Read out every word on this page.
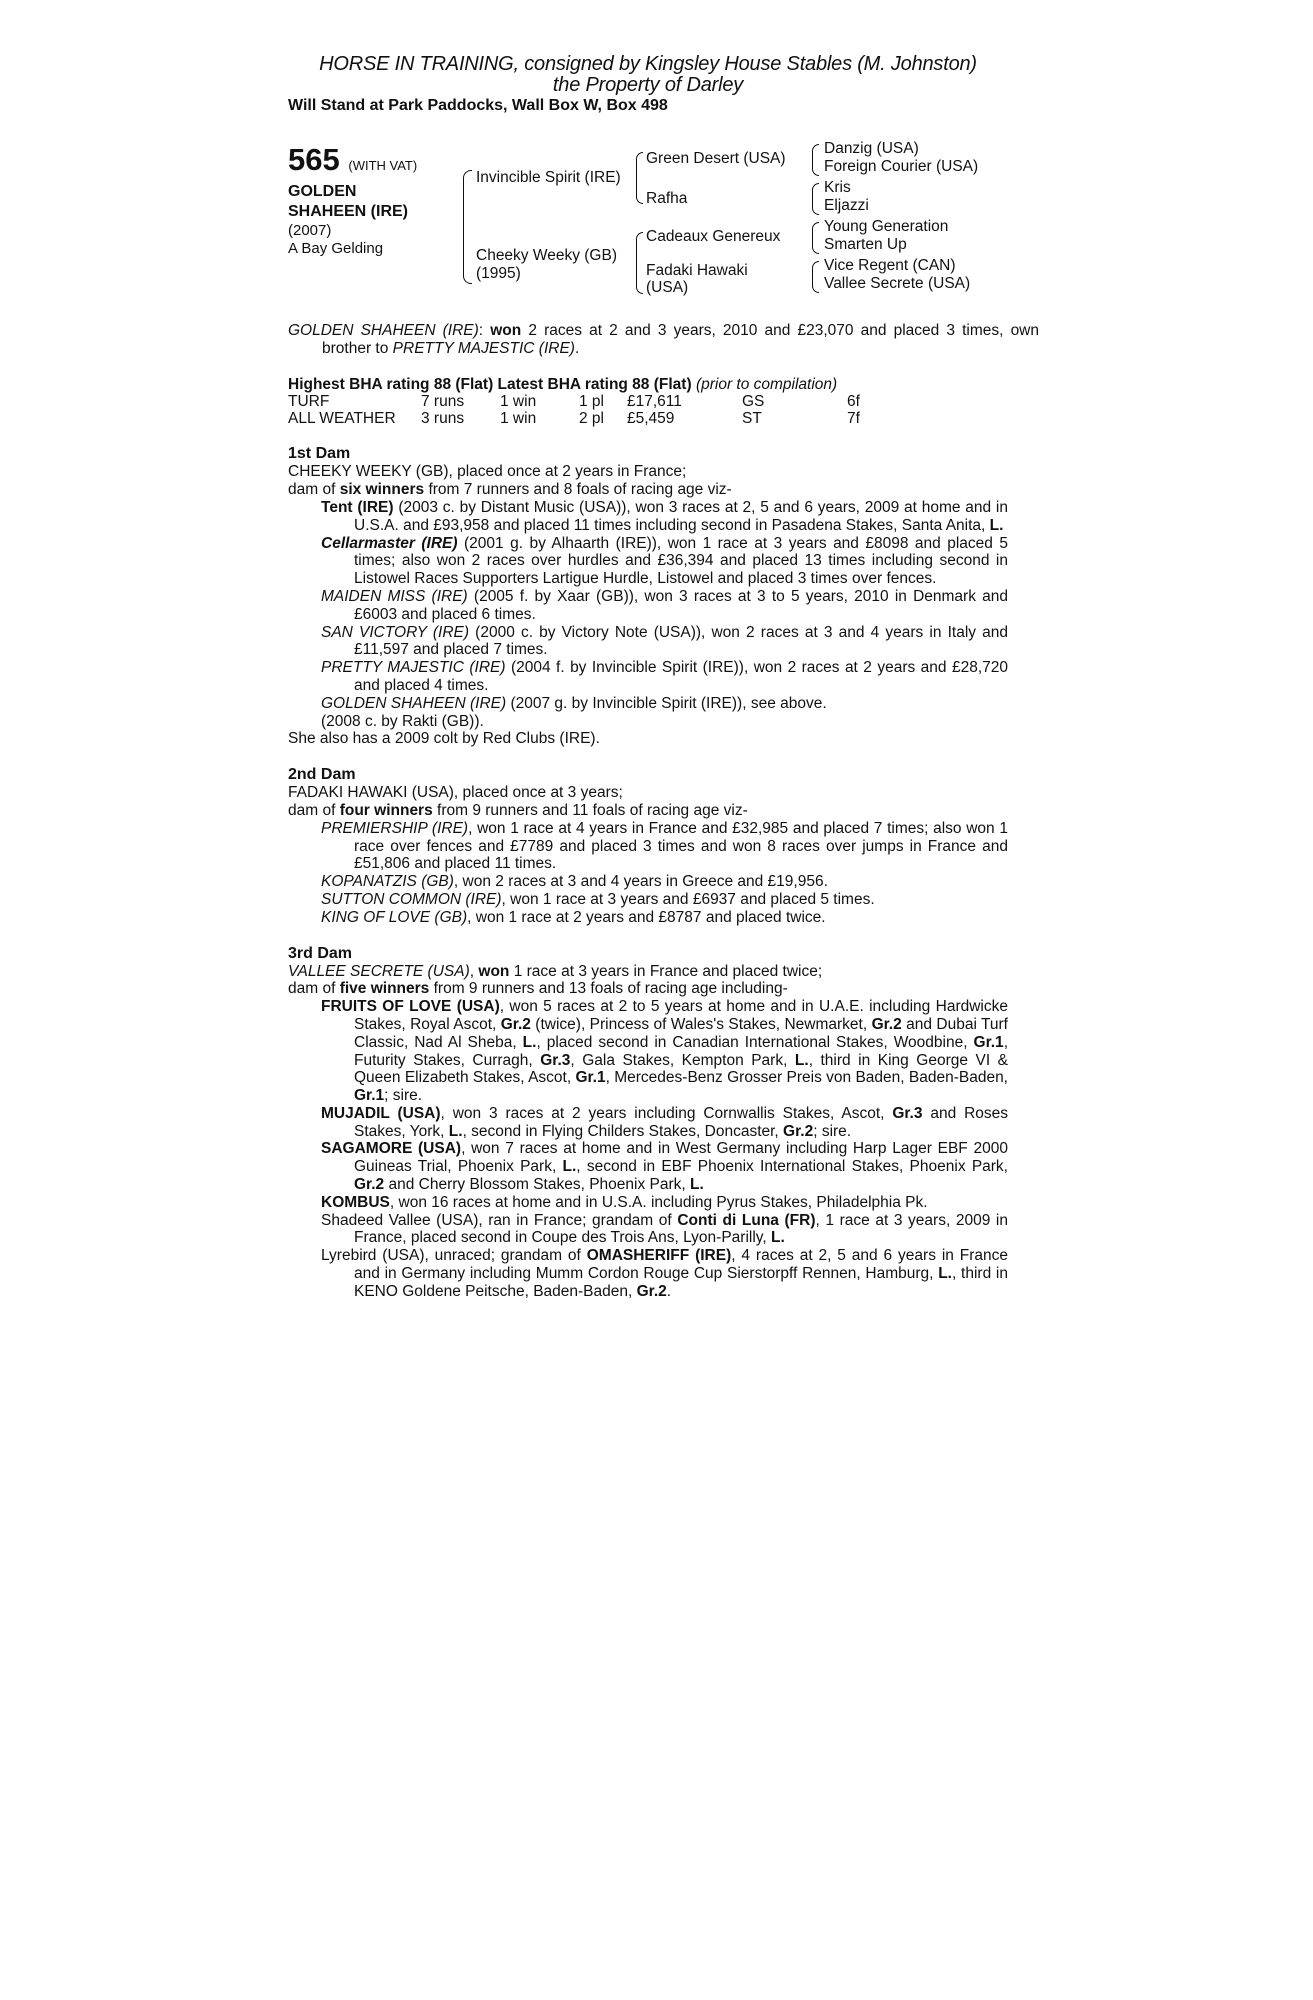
HORSE IN TRAINING, consigned by Kingsley House Stables (M. Johnston)
the Property of Darley
Will Stand at Park Paddocks, Wall Box W, Box 498
565 (WITH VAT)
GOLDEN
SHAHEEN (IRE)
(2007)
A Bay Gelding
Invincible Spirit (IRE)
Cheeky Weeky (GB)
(1995)
Green Desert (USA)
Rafha
Cadeaux Genereux
Fadaki Hawaki
(USA)
Danzig (USA)
Foreign Courier (USA)
Kris
Eljazzi
Young Generation
Smarten Up
Vice Regent (CAN)
Vallee Secrete (USA)

GOLDEN SHAHEEN (IRE): won 2 races at 2 and 3 years, 2010 and £23,070 and placed 3 times, own brother to PRETTY MAJESTIC (IRE).

Highest BHA rating 88 (Flat) Latest BHA rating 88 (Flat) (prior to compilation)
TURF	7 runs	1 win	1 pl	£17,611	GS	6f
ALL WEATHER	3 runs	1 win	2 pl	£5,459	ST	7f
1st Dam
CHEEKY WEEKY (GB), placed once at 2 years in France;
dam of six winners from 7 runners and 8 foals of racing age viz-
Tent (IRE) (2003 c. by Distant Music (USA)), won 3 races at 2, 5 and 6 years, 2009 at home and in U.S.A. and £93,958 and placed 11 times including second in Pasadena Stakes, Santa Anita, L.
Cellarmaster (IRE) (2001 g. by Alhaarth (IRE)), won 1 race at 3 years and £8098 and placed 5 times; also won 2 races over hurdles and £36,394 and placed 13 times including second in Listowel Races Supporters Lartigue Hurdle, Listowel and placed 3 times over fences.
MAIDEN MISS (IRE) (2005 f. by Xaar (GB)), won 3 races at 3 to 5 years, 2010 in Denmark and £6003 and placed 6 times.
SAN VICTORY (IRE) (2000 c. by Victory Note (USA)), won 2 races at 3 and 4 years in Italy and £11,597 and placed 7 times.
PRETTY MAJESTIC (IRE) (2004 f. by Invincible Spirit (IRE)), won 2 races at 2 years and £28,720 and placed 4 times.
GOLDEN SHAHEEN (IRE) (2007 g. by Invincible Spirit (IRE)), see above.
(2008 c. by Rakti (GB)).
She also has a 2009 colt by Red Clubs (IRE).
2nd Dam
FADAKI HAWAKI (USA), placed once at 3 years;
dam of four winners from 9 runners and 11 foals of racing age viz-
PREMIERSHIP (IRE), won 1 race at 4 years in France and £32,985 and placed 7 times; also won 1 race over fences and £7789 and placed 3 times and won 8 races over jumps in France and £51,806 and placed 11 times.
KOPANATZIS (GB), won 2 races at 3 and 4 years in Greece and £19,956.
SUTTON COMMON (IRE), won 1 race at 3 years and £6937 and placed 5 times.
KING OF LOVE (GB), won 1 race at 2 years and £8787 and placed twice.
3rd Dam
VALLEE SECRETE (USA), won 1 race at 3 years in France and placed twice;
dam of five winners from 9 runners and 13 foals of racing age including-
FRUITS OF LOVE (USA), won 5 races at 2 to 5 years at home and in U.A.E. including Hardwicke Stakes, Royal Ascot, Gr.2 (twice), Princess of Wales's Stakes, Newmarket, Gr.2 and Dubai Turf Classic, Nad Al Sheba, L., placed second in Canadian International Stakes, Woodbine, Gr.1, Futurity Stakes, Curragh, Gr.3, Gala Stakes, Kempton Park, L., third in King George VI & Queen Elizabeth Stakes, Ascot, Gr.1, Mercedes-Benz Grosser Preis von Baden, Baden-Baden, Gr.1; sire.
MUJADIL (USA), won 3 races at 2 years including Cornwallis Stakes, Ascot, Gr.3 and Roses Stakes, York, L., second in Flying Childers Stakes, Doncaster, Gr.2; sire.
SAGAMORE (USA), won 7 races at home and in West Germany including Harp Lager EBF 2000 Guineas Trial, Phoenix Park, L., second in EBF Phoenix International Stakes, Phoenix Park, Gr.2 and Cherry Blossom Stakes, Phoenix Park, L.
KOMBUS, won 16 races at home and in U.S.A. including Pyrus Stakes, Philadelphia Pk.
Shadeed Vallee (USA), ran in France; grandam of Conti di Luna (FR), 1 race at 3 years, 2009 in France, placed second in Coupe des Trois Ans, Lyon-Parilly, L.
Lyrebird (USA), unraced; grandam of OMASHERIFF (IRE), 4 races at 2, 5 and 6 years in France and in Germany including Mumm Cordon Rouge Cup Sierstorpff Rennen, Hamburg, L., third in KENO Goldene Peitsche, Baden-Baden, Gr.2.
